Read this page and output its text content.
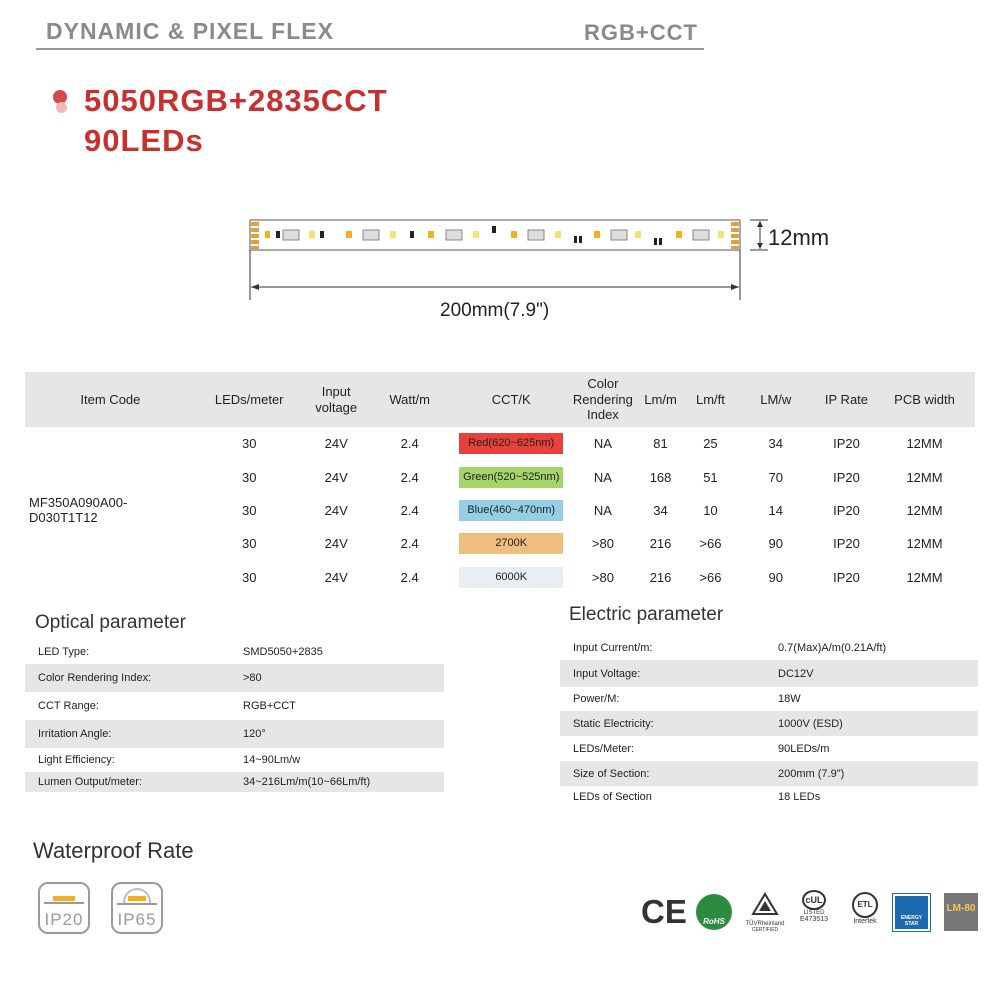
DYNAMIC & PIXEL FLEX	RGB+CCT
5050RGB+2835CCT
90LEDs
12mm
200mm(7.9")
Item Code	LEDs/meter	Input
voltage	Watt/m	CCT/K	Color
Rendering
Index	Lm/m	Lm/ft	LM/w	IP Rate	PCB width
	30	24V	2.4	Red(620~625nm)	NA	81	25	34	IP20	12MM
	30	24V	2.4	Green(520~525nm)	NA	168	51	70	IP20	12MM
MF350A090A00-D030T1T12	30	24V	2.4	Blue(460~470nm)	NA	34	10	14	IP20	12MM
	30	24V	2.4	2700K	>80	216	>66	90	IP20	12MM
	30	24V	2.4	6000K	>80	216	>66	90	IP20	12MM
Optical parameter
LED Type:	SMD5050+2835
Color Rendering Index:	>80
CCT Range:	RGB+CCT
Irritation Angle:	120°
Light Efficiency:	14~90Lm/w
Lumen Output/meter:	34~216Lm/m(10~66Lm/ft)
Electric parameter
Input Current/m:	0.7(Max)A/m(0.21A/ft)
Input Voltage:	DC12V
Power/M:	18W
Static Electricity:	1000V (ESD)
LEDs/Meter:	90LEDs/m
Size of Section:	200mm (7.9")
LEDs of Section	18 LEDs
Waterproof Rate
IP20 IP65	CE	RoHS	TÜVRheinland
CERTIFIED
cUL
LISTED
E473513
ETL
Intertek	ENERGY STAR
LM-80
